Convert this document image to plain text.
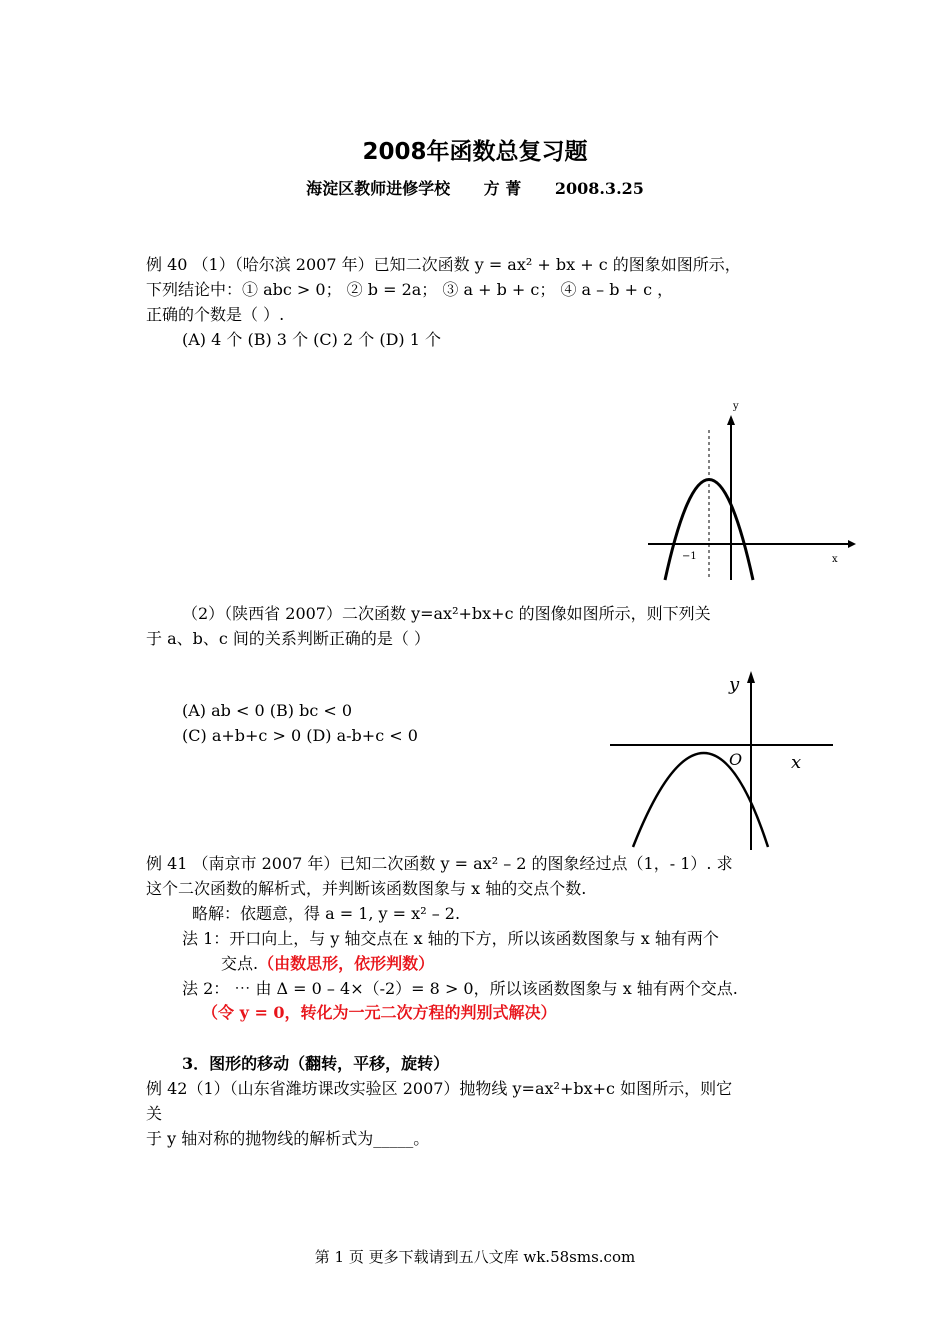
2008年函数总复习题
海淀区教师进修学校 方 菁 2008.3.25
例 40 （1）（哈尔滨 2007 年）已知二次函数 y = ax² + bx + c 的图象如图所示，
下列结论中：① abc > 0； ② b = 2a； ③ a + b + c； ④ a – b + c ，
正确的个数是（ ）.
(A) 4 个 (B) 3 个 (C) 2 个 (D) 1 个
y
x
−1
（2）（陕西省 2007）二次函数 y=ax²+bx+c 的图像如图所示，则下列关
于 a、b、c 间的关系判断正确的是（ ）
(A) ab < 0 (B) bc < 0
(C) a+b+c > 0 (D) a-b+c < 0
y
x
O
例 41 （南京市 2007 年）已知二次函数 y = ax² – 2 的图象经过点（1，- 1）. 求
这个二次函数的解析式，并判断该函数图象与 x 轴的交点个数.
略解：依题意，得 a = 1, y = x² – 2.
法 1：开口向上，与 y 轴交点在 x 轴的下方，所以该函数图象与 x 轴有两个
交点.（由数思形，依形判数）
法 2： ⋯ 由 Δ = 0 – 4×（-2）= 8 > 0，所以该函数图象与 x 轴有两个交点.
（令 y = 0，转化为一元二次方程的判别式解决）
3．图形的移动（翻转，平移，旋转）
例 42（1）（山东省潍坊课改实验区 2007）抛物线 y=ax²+bx+c 如图所示，则它
关
于 y 轴对称的抛物线的解析式为_____。
第 1 页 更多下载请到五八文库 wk.58sms.com
